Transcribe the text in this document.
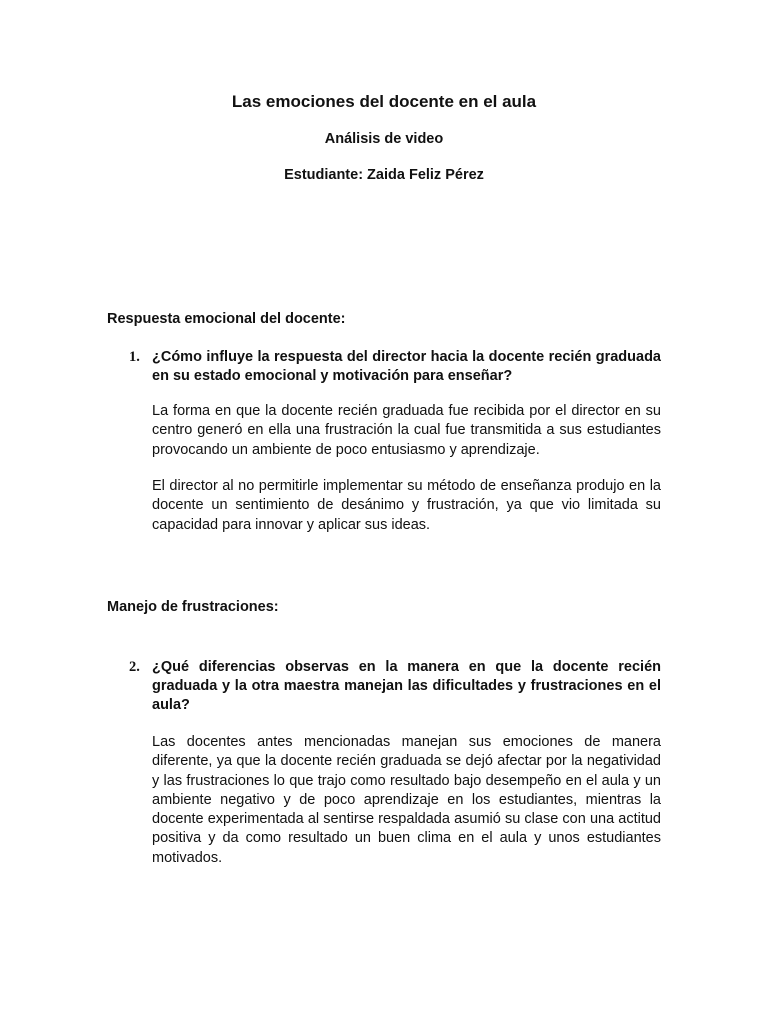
Las emociones del docente en el aula
Análisis de video
Estudiante: Zaida Feliz Pérez
Respuesta emocional del docente:
1. ¿Cómo influye la respuesta del director hacia la docente recién graduada en su estado emocional y motivación para enseñar?
La forma en que la docente recién graduada fue recibida por el director en su centro generó en ella una frustración la cual fue transmitida a sus estudiantes provocando un ambiente de poco entusiasmo y aprendizaje.
El director al no permitirle implementar su método de enseñanza produjo en la docente un sentimiento de desánimo y frustración, ya que vio limitada su capacidad para innovar y aplicar sus ideas.
Manejo de frustraciones:
2. ¿Qué diferencias observas en la manera en que la docente recién graduada y la otra maestra manejan las dificultades y frustraciones en el aula?
Las docentes antes mencionadas manejan sus emociones de manera diferente, ya que la docente recién graduada se dejó afectar por la negatividad y las frustraciones lo que trajo como resultado bajo desempeño en el aula y un ambiente negativo y de poco aprendizaje en los estudiantes, mientras la docente experimentada al sentirse respaldada asumió su clase con una actitud positiva y da como resultado un buen clima en el aula y unos estudiantes motivados.
